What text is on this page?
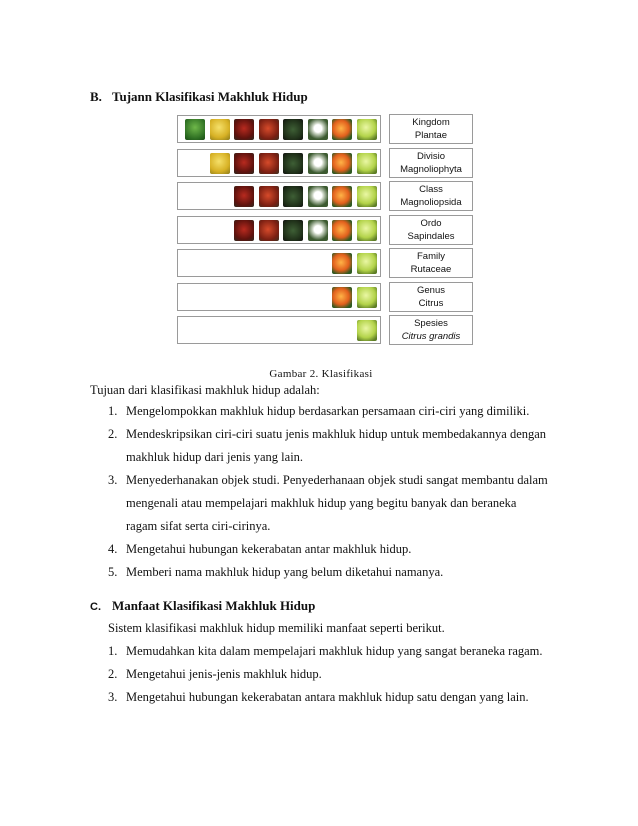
B. Tujann Klasifikasi Makhluk Hidup
Kingdom
Plantae
Divisio
Magnoliophyta
Class
Magnoliopsida
Ordo
Sapindales
Family
Rutaceae
Genus
Citrus
Spesies
Citrus grandis
Gambar 2. Klasifikasi
Tujuan dari klasifikasi makhluk hidup adalah:
1. Mengelompokkan makhluk hidup berdasarkan persamaan ciri-ciri yang dimiliki.
2. Mendeskripsikan ciri-ciri suatu jenis makhluk hidup untuk membedakannya dengan
makhluk hidup dari jenis yang lain.
3. Menyederhanakan objek studi. Penyederhanaan objek studi sangat membantu dalam
mengenali atau mempelajari makhluk hidup yang begitu banyak dan beraneka
ragam sifat serta ciri-cirinya.
4. Mengetahui hubungan kekerabatan antar makhluk hidup.
5. Memberi nama makhluk hidup yang belum diketahui namanya.
C. Manfaat Klasifikasi Makhluk Hidup
Sistem klasifikasi makhluk hidup memiliki manfaat seperti berikut.
1. Memudahkan kita dalam mempelajari makhluk hidup yang sangat beraneka ragam.
2. Mengetahui jenis-jenis makhluk hidup.
3. Mengetahui hubungan kekerabatan antara makhluk hidup satu dengan yang lain.
